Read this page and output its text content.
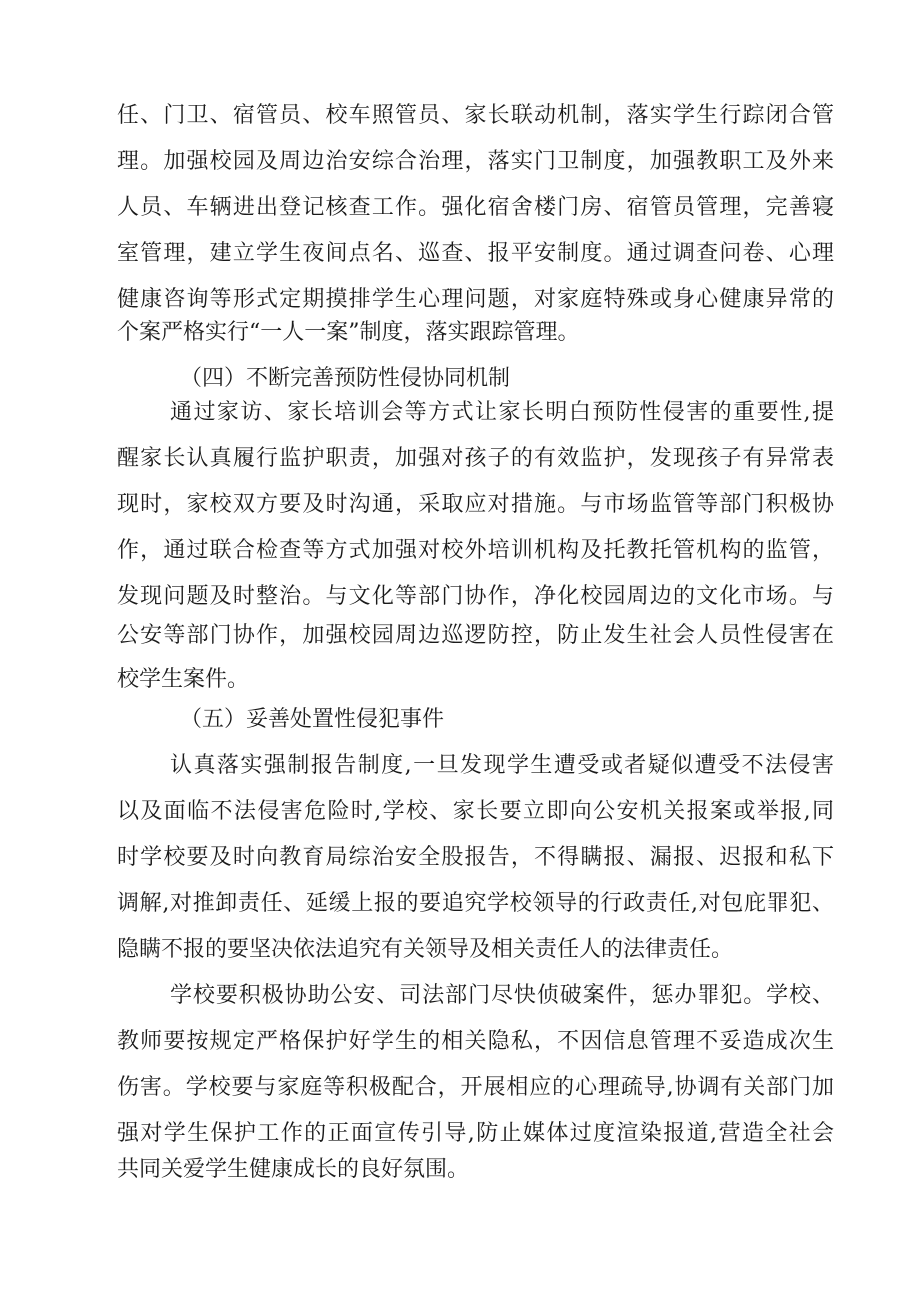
任、门卫、宿管员、校车照管员、家长联动机制，落实学生行踪闭合管
理。加强校园及周边治安综合治理，落实门卫制度，加强教职工及外来
人员、车辆进出登记核查工作。强化宿舍楼门房、宿管员管理，完善寝
室管理，建立学生夜间点名、巡查、报平安制度。通过调查问卷、心理
健康咨询等形式定期摸排学生心理问题，对家庭特殊或身心健康异常的
个案严格实行“一人一案”制度，落实跟踪管理。
（四）不断完善预防性侵协同机制
通过家访、家长培训会等方式让家长明白预防性侵害的重要性,提
醒家长认真履行监护职责，加强对孩子的有效监护，发现孩子有异常表
现时，家校双方要及时沟通，采取应对措施。与市场监管等部门积极协
作，通过联合检查等方式加强对校外培训机构及托教托管机构的监管，
发现问题及时整治。与文化等部门协作，净化校园周边的文化市场。与
公安等部门协作，加强校园周边巡逻防控，防止发生社会人员性侵害在
校学生案件。
（五）妥善处置性侵犯事件
认真落实强制报告制度,一旦发现学生遭受或者疑似遭受不法侵害
以及面临不法侵害危险时,学校、家长要立即向公安机关报案或举报,同
时学校要及时向教育局综治安全股报告，不得瞒报、漏报、迟报和私下
调解,对推卸责任、延缓上报的要追究学校领导的行政责任,对包庇罪犯、
隐瞒不报的要坚决依法追究有关领导及相关责任人的法律责任。
学校要积极协助公安、司法部门尽快侦破案件，惩办罪犯。学校、
教师要按规定严格保护好学生的相关隐私，不因信息管理不妥造成次生
伤害。学校要与家庭等积极配合，开展相应的心理疏导,协调有关部门加
强对学生保护工作的正面宣传引导,防止媒体过度渲染报道,营造全社会
共同关爱学生健康成长的良好氛围。
